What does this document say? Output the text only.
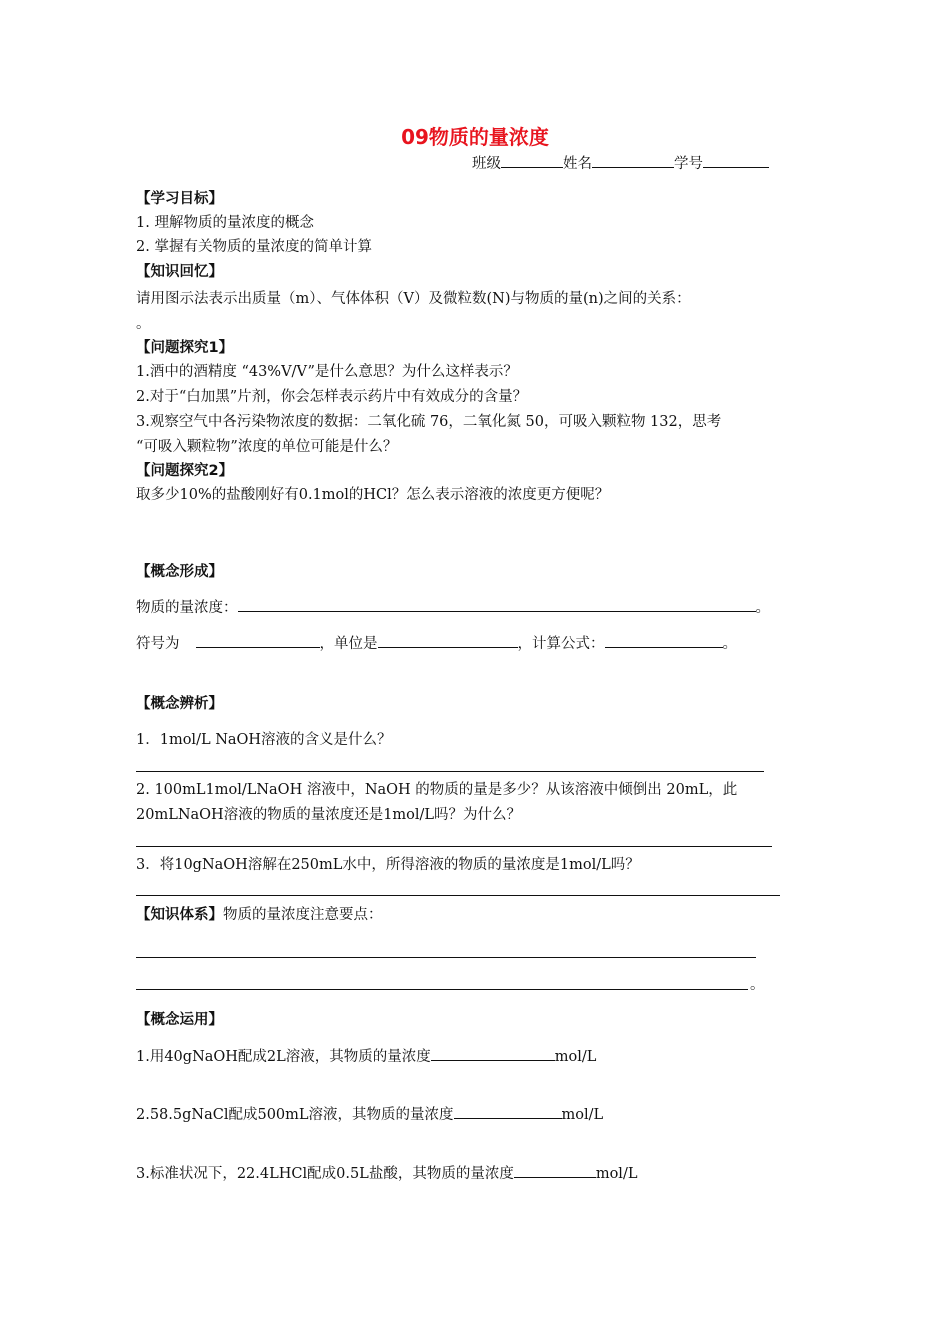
09物质的量浓度
班级	姓名	学号
【学习目标】
1. 理解物质的量浓度的概念
2. 掌握有关物质的量浓度的简单计算
【知识回忆】
请用图示法表示出质量（m）、气体体积（V）及微粒数(N)与物质的量(n)之间的关系：
。
【问题探究1】
1.酒中的酒精度 “43%V/V”是什么意思？为什么这样表示？
2.对于“白加黑”片剂，你会怎样表示药片中有效成分的含量？
3.观察空气中各污染物浓度的数据：二氧化硫 76，二氧化氮 50，可吸入颗粒物 132，思考
“可吸入颗粒物”浓度的单位可能是什么？
【问题探究2】
取多少10%的盐酸刚好有0.1mol的HCl？怎么表示溶液的浓度更方便呢？
【概念形成】
物质的量浓度：	。
符号为	，单位是	，计算公式：	。
【概念辨析】
1．1mol/L NaOH溶液的含义是什么？
2. 100mL1mol/LNaOH 溶液中，NaOH 的物质的量是多少？从该溶液中倾倒出 20mL，此
20mLNaOH溶液的物质的量浓度还是1mol/L吗？为什么？
3．将10gNaOH溶解在250mL水中，所得溶液的物质的量浓度是1mol/L吗？
【知识体系】物质的量浓度注意要点：
。
【概念运用】
1.用40gNaOH配成2L溶液，其物质的量浓度	mol/L
2.58.5gNaCl配成500mL溶液，其物质的量浓度	mol/L
3.标准状况下，22.4LHCl配成0.5L盐酸，其物质的量浓度	mol/L
